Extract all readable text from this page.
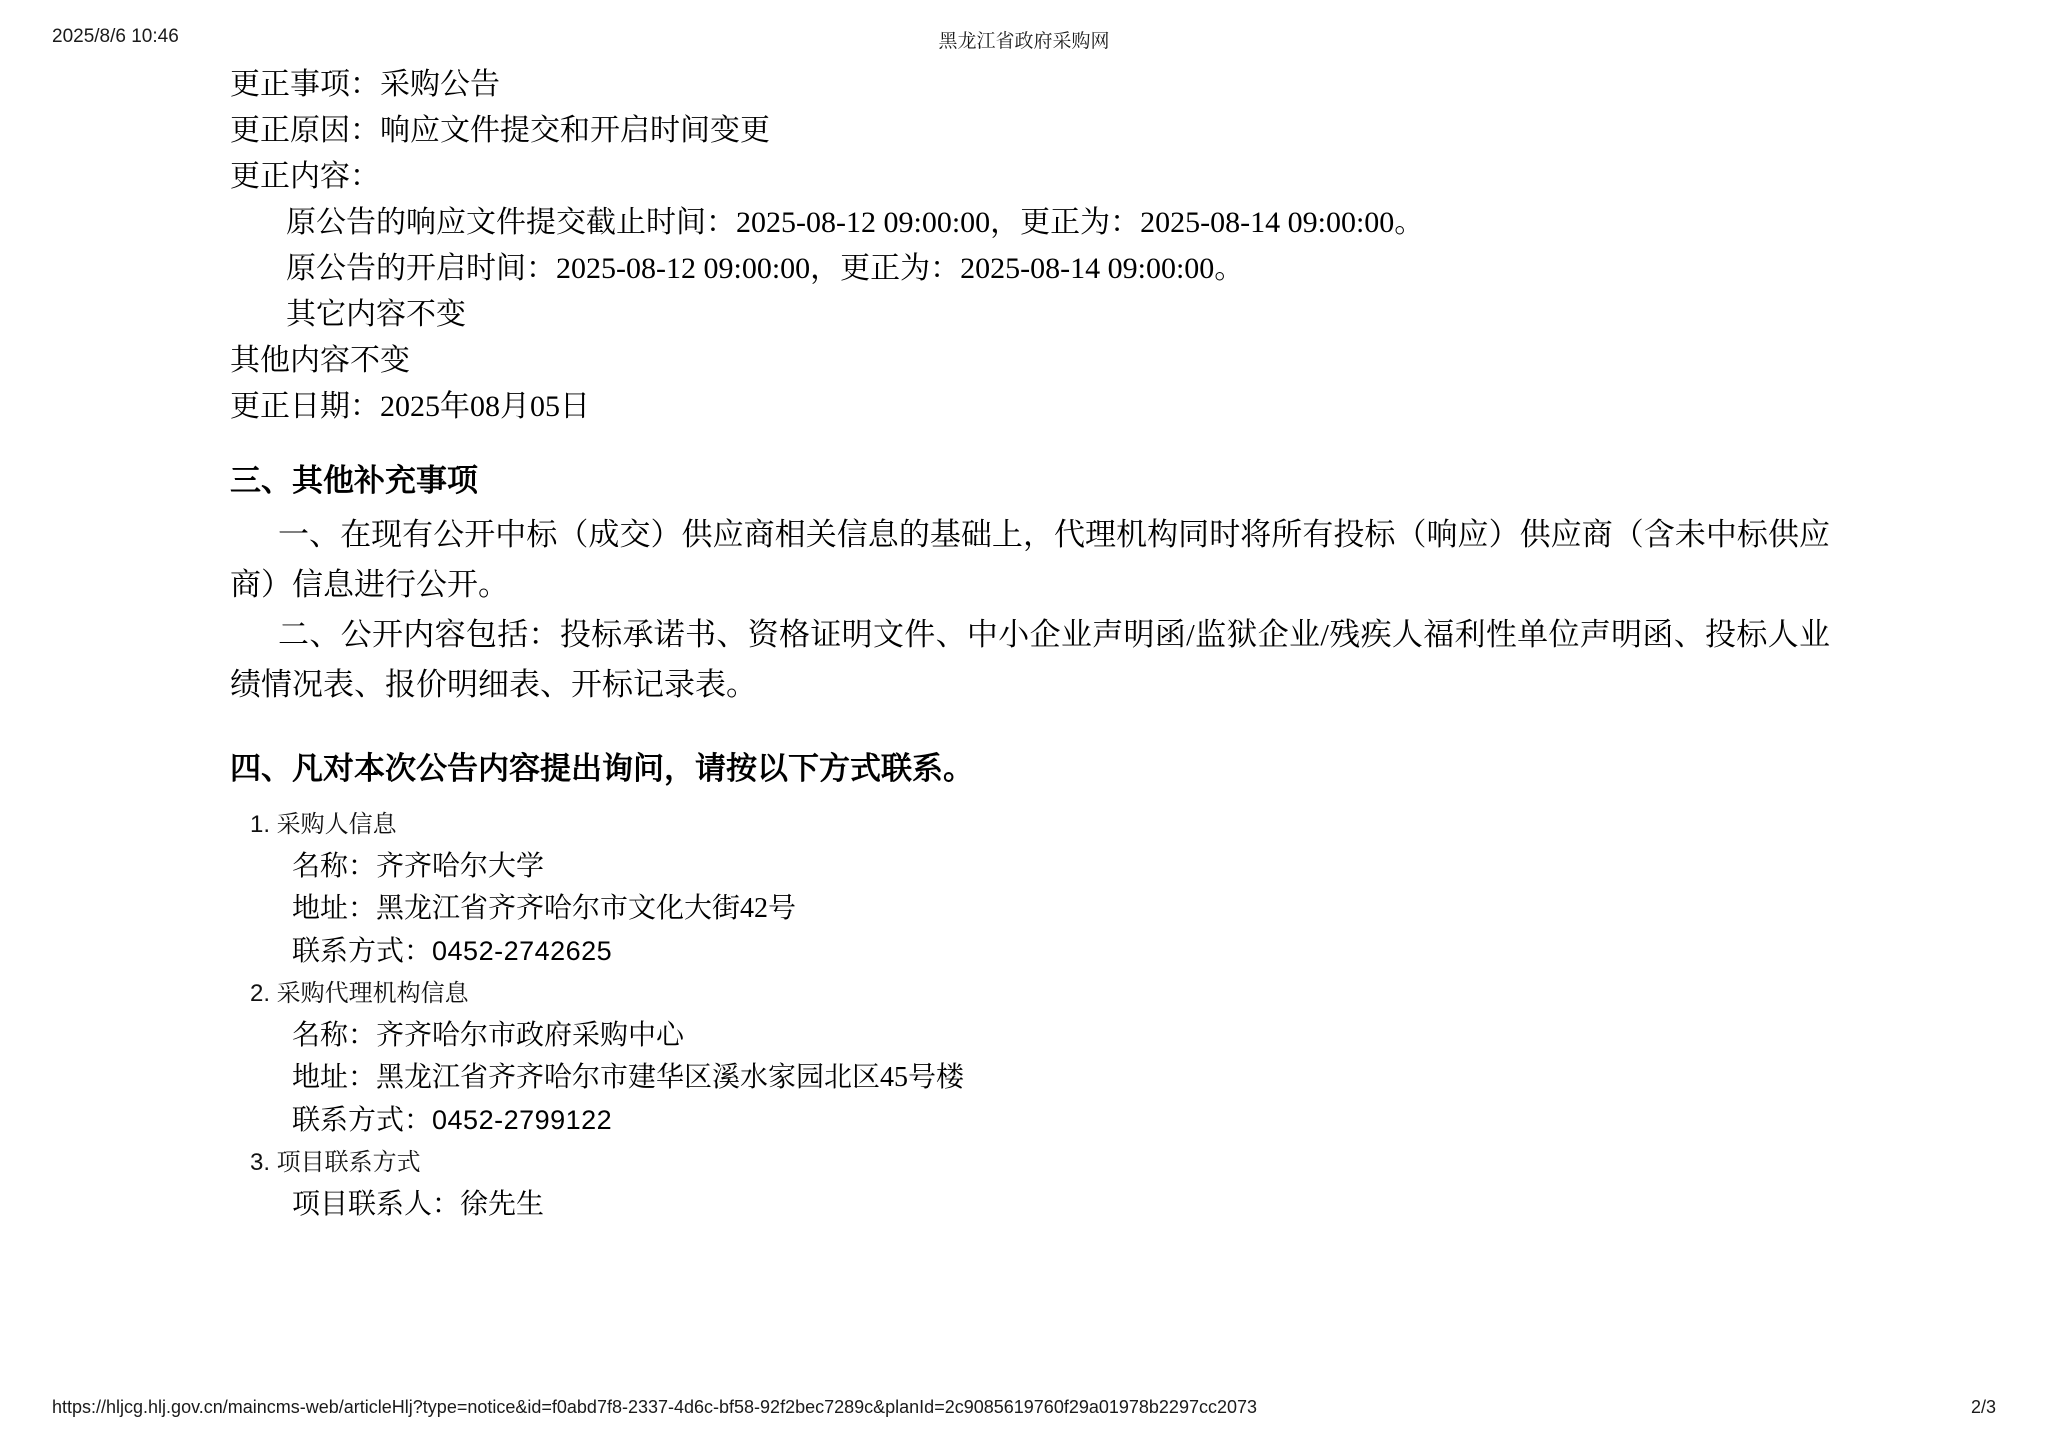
2025/8/6 10:46	黑龙江省政府采购网
更正事项：采购公告
更正原因：响应文件提交和开启时间变更
更正内容：
原公告的响应文件提交截止时间：2025-08-12 09:00:00，更正为：2025-08-14 09:00:00。
原公告的开启时间：2025-08-12 09:00:00，更正为：2025-08-14 09:00:00。
其它内容不变
其他内容不变
更正日期：2025年08月05日
三、其他补充事项

一、在现有公开中标（成交）供应商相关信息的基础上，代理机构同时将所有投标（响应）供应商（含未中标供应商）信息进行公开。

二、公开内容包括：投标承诺书、资格证明文件、中小企业声明函/监狱企业/残疾人福利性单位声明函、投标人业绩情况表、报价明细表、开标记录表。

四、凡对本次公告内容提出询问，请按以下方式联系。
1. 采购人信息
名称：齐齐哈尔大学
地址：黑龙江省齐齐哈尔市文化大街42号
联系方式：0452-2742625
2. 采购代理机构信息
名称：齐齐哈尔市政府采购中心
地址：黑龙江省齐齐哈尔市建华区溪水家园北区45号楼
联系方式：0452-2799122
3. 项目联系方式
项目联系人：徐先生
https://hljcg.hlj.gov.cn/maincms-web/articleHlj?type=notice&id=f0abd7f8-2337-4d6c-bf58-92f2bec7289c&planId=2c9085619760f29a01978b2297cc2073	2/3
